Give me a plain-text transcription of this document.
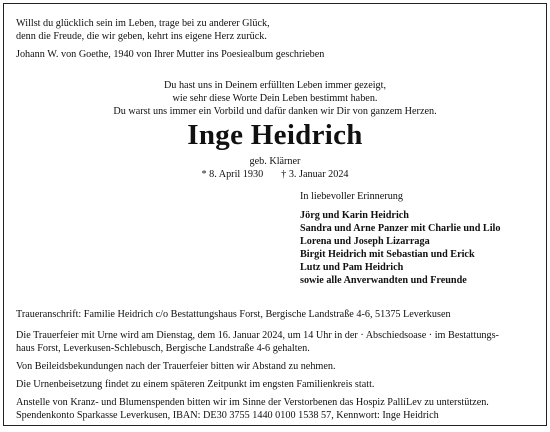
Willst du glücklich sein im Leben, trage bei zu anderer Glück,
denn die Freude, die wir geben, kehrt ins eigene Herz zurück.
Johann W. von Goethe, 1940 von Ihrer Mutter ins Poesiealbum geschrieben
Du hast uns in Deinem erfüllten Leben immer gezeigt,
wie sehr diese Worte Dein Leben bestimmt haben.
Du warst uns immer ein Vorbild und dafür danken wir Dir von ganzem Herzen.
Inge Heidrich
geb. Klärner
* 8. April 1930 † 3. Januar 2024
In liebevoller Erinnerung
Jörg und Karin Heidrich
Sandra und Arne Panzer mit Charlie und Lilo
Lorena und Joseph Lizarraga
Birgit Heidrich mit Sebastian und Erick
Lutz und Pam Heidrich
sowie alle Anverwandten und Freunde
Traueranschrift: Familie Heidrich c/o Bestattungshaus Forst, Bergische Landstraße 4-6, 51375 Leverkusen

Die Trauerfeier mit Urne wird am Dienstag, dem 16. Januar 2024, um 14 Uhr in der · Abschiedsoase · im Bestattungs-
haus Forst, Leverkusen-Schlebusch, Bergische Landstraße 4-6 gehalten.

Von Beileidsbekundungen nach der Trauerfeier bitten wir Abstand zu nehmen.

Die Urnenbeisetzung findet zu einem späteren Zeitpunkt im engsten Familienkreis statt.

Anstelle von Kranz- und Blumenspenden bitten wir im Sinne der Verstorbenen das Hospiz PalliLev zu unterstützen.
Spendenkonto Sparkasse Leverkusen, IBAN: DE30 3755 1440 0100 1538 57, Kennwort: Inge Heidrich
